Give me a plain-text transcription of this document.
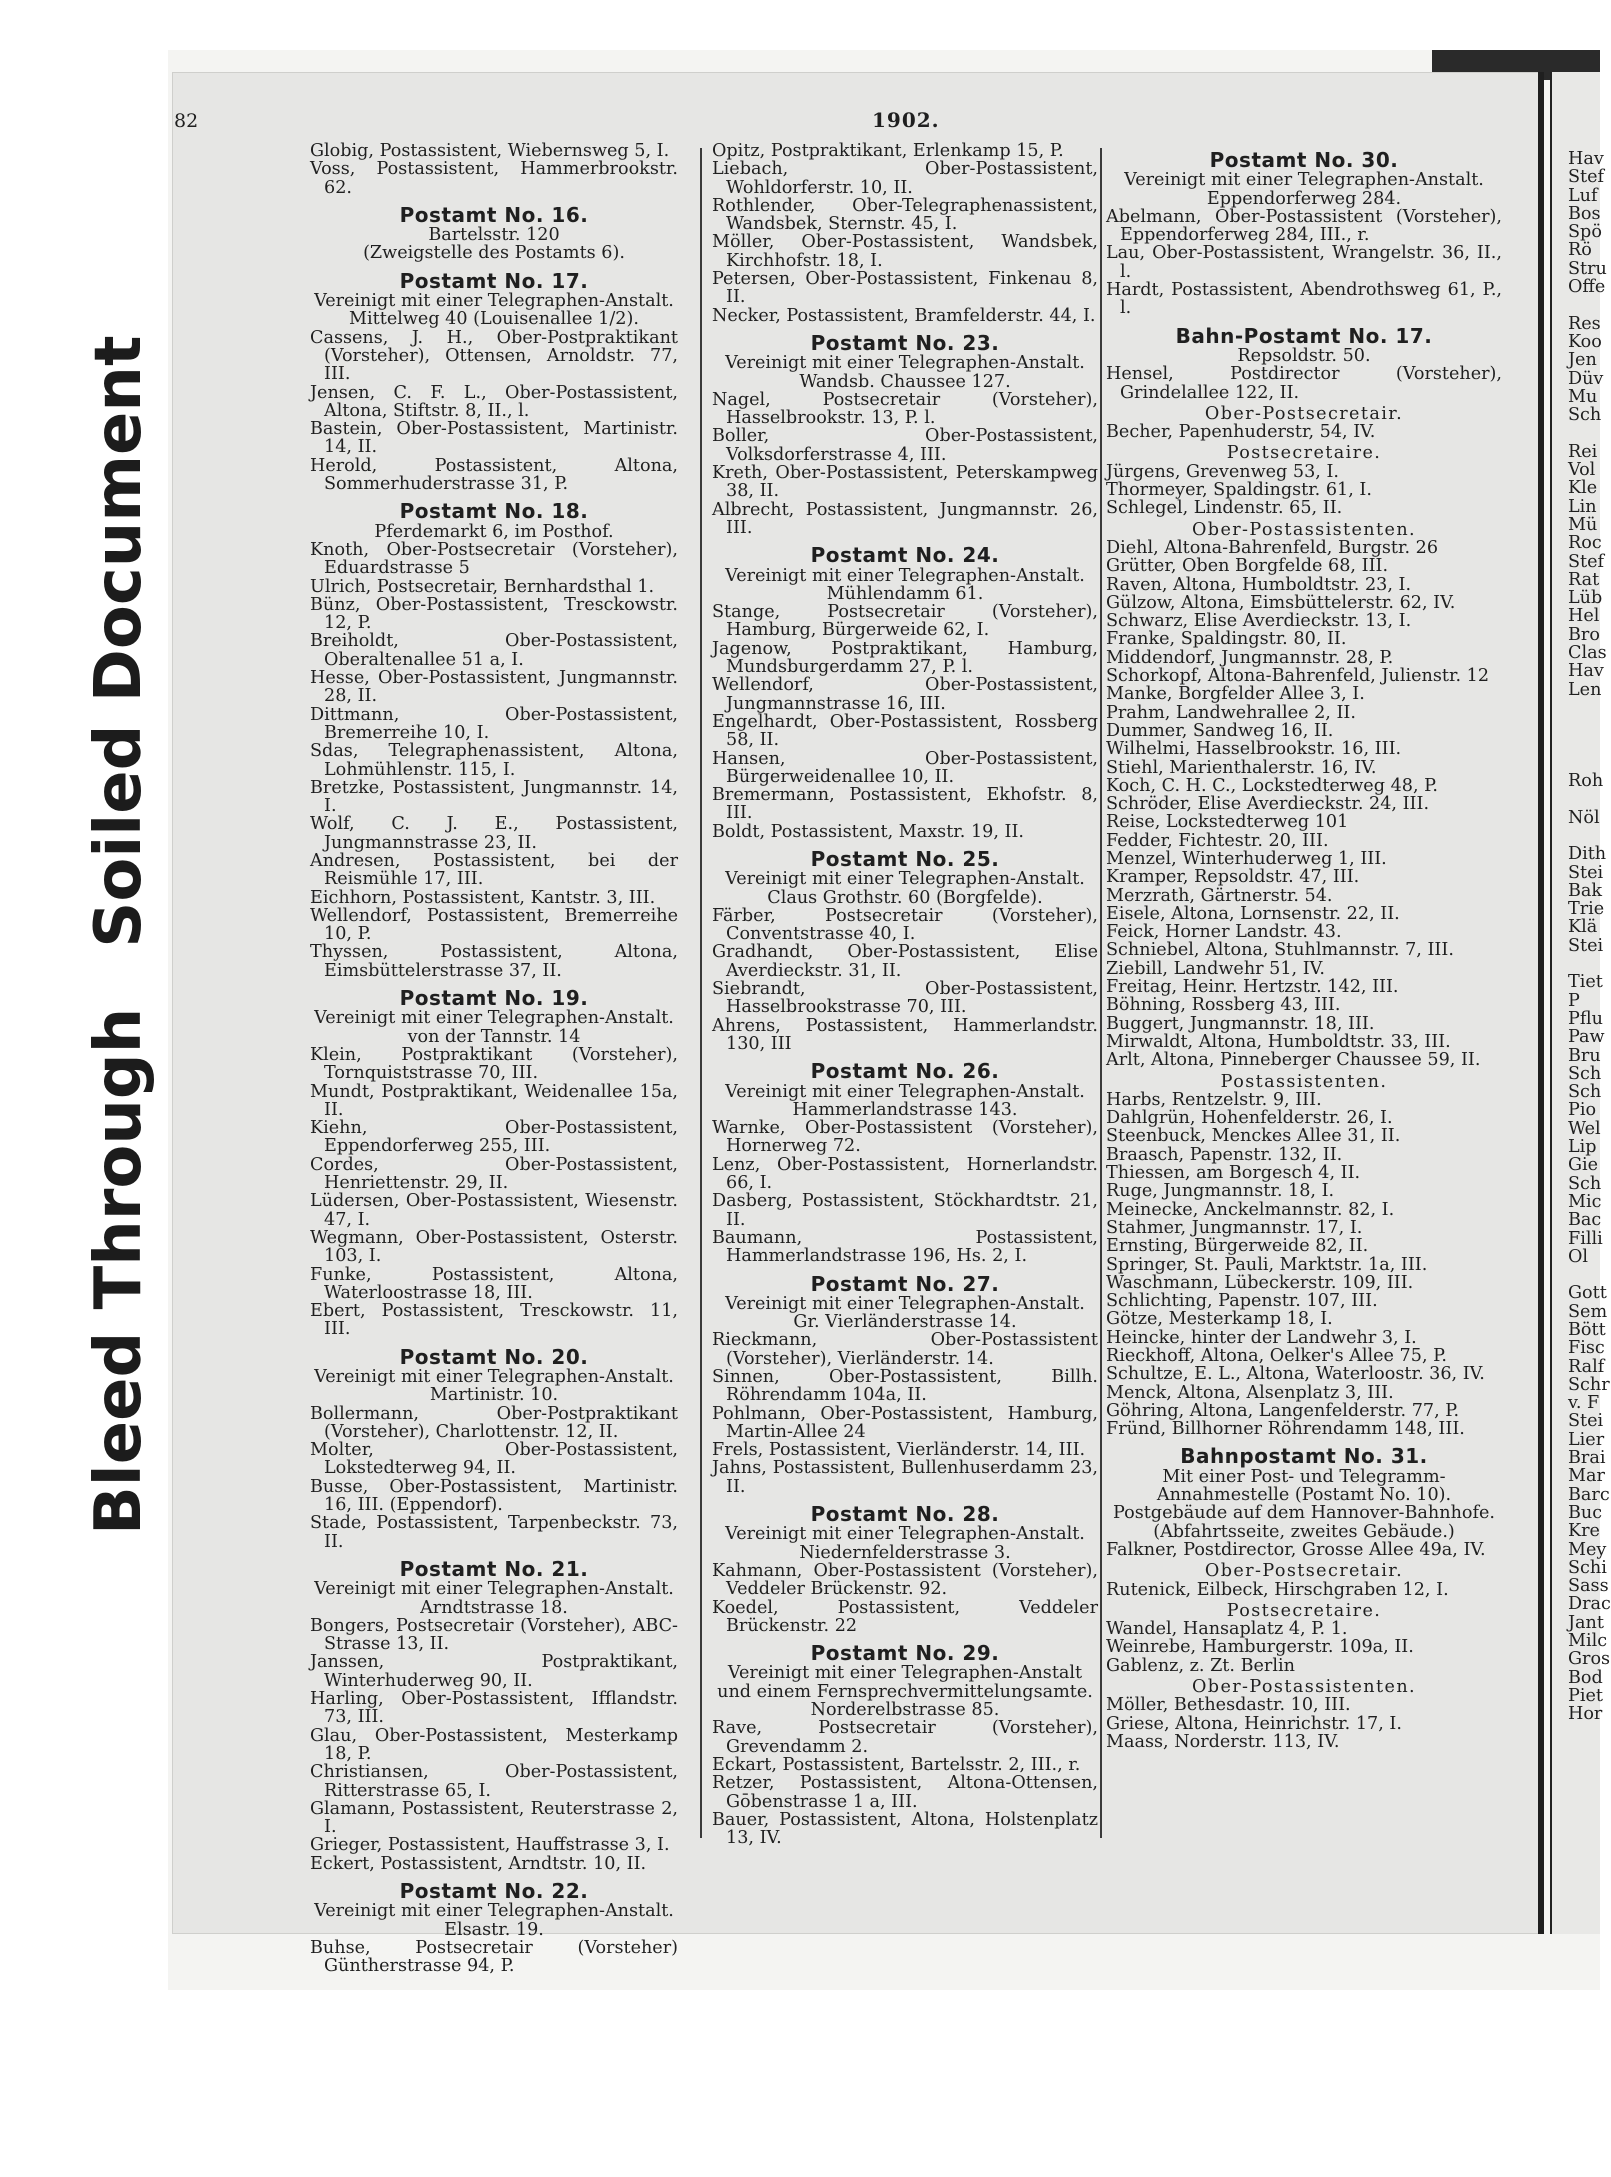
Bleed ThroughSoiled Document
82	1902.
Globig, Postassistent, Wiebernsweg 5, I.
Voss, Postassistent, Hammerbrookstr. 62.
Postamt No. 16.
Bartelsstr. 120
(Zweigstelle des Postamts 6).
Postamt No. 17.
Vereinigt mit einer Telegraphen-Anstalt.
Mittelweg 40 (Louisenallee 1/2).
Cassens, J. H., Ober-Postpraktikant (Vorsteher), Ottensen, Arnoldstr. 77, III.
Jensen, C. F. L., Ober-Postassistent, Altona, Stiftstr. 8, II., l.
Bastein, Ober-Postassistent, Martinistr. 14, II.
Herold, Postassistent, Altona, Sommerhuderstrasse 31, P.
Postamt No. 18.
Pferdemarkt 6, im Posthof.
Knoth, Ober-Postsecretair (Vorsteher), Eduardstrasse 5
Ulrich, Postsecretair, Bernhardsthal 1.
Bünz, Ober-Postassistent, Tresckowstr. 12, P.
Breiholdt, Ober-Postassistent, Oberaltenallee 51 a, I.
Hesse, Ober-Postassistent, Jungmannstr. 28, II.
Dittmann, Ober-Postassistent, Bremerreihe 10, I.
Sdas, Telegraphenassistent, Altona, Lohmühlenstr. 115, I.
Bretzke, Postassistent, Jungmannstr. 14, I.
Wolf, C. J. E., Postassistent, Jungmannstrasse 23, II.
Andresen, Postassistent, bei der Reismühle 17, III.
Eichhorn, Postassistent, Kantstr. 3, III.
Wellendorf, Postassistent, Bremerreihe 10, P.
Thyssen, Postassistent, Altona, Eimsbüttelerstrasse 37, II.
Postamt No. 19.
Vereinigt mit einer Telegraphen-Anstalt.
von der Tannstr. 14
Klein, Postpraktikant (Vorsteher), Tornquiststrasse 70, III.
Mundt, Postpraktikant, Weidenallee 15a, II.
Kiehn, Ober-Postassistent, Eppendorferweg 255, III.
Cordes, Ober-Postassistent, Henriettenstr. 29, II.
Lüdersen, Ober-Postassistent, Wiesenstr. 47, I.
Wegmann, Ober-Postassistent, Osterstr. 103, I.
Funke, Postassistent, Altona, Waterloostrasse 18, III.
Ebert, Postassistent, Tresckowstr. 11, III.
Postamt No. 20.
Vereinigt mit einer Telegraphen-Anstalt.
Martinistr. 10.
Bollermann, Ober-Postpraktikant (Vorsteher), Charlottenstr. 12, II.
Molter, Ober-Postassistent, Lokstedterweg 94, II.
Busse, Ober-Postassistent, Martinistr. 16, III. (Eppendorf).
Stade, Postassistent, Tarpenbeckstr. 73, II.
Postamt No. 21.
Vereinigt mit einer Telegraphen-Anstalt.
Arndtstrasse 18.
Bongers, Postsecretair (Vorsteher), ABC-Strasse 13, II.
Janssen, Postpraktikant, Winterhuderweg 90, II.
Harling, Ober-Postassistent, Ifflandstr. 73, III.
Glau, Ober-Postassistent, Mesterkamp 18, P.
Christiansen, Ober-Postassistent, Ritterstrasse 65, I.
Glamann, Postassistent, Reuterstrasse 2, I.
Grieger, Postassistent, Hauffstrasse 3, I.
Eckert, Postassistent, Arndtstr. 10, II.
Postamt No. 22.
Vereinigt mit einer Telegraphen-Anstalt.
Elsastr. 19.
Buhse, Postsecretair (Vorsteher) Güntherstrasse 94, P.
Opitz, Postpraktikant, Erlenkamp 15, P.
Liebach, Ober-Postassistent, Wohldorferstr. 10, II.
Rothlender, Ober-Telegraphenassistent, Wandsbek, Sternstr. 45, I.
Möller, Ober-Postassistent, Wandsbek, Kirchhofstr. 18, I.
Petersen, Ober-Postassistent, Finkenau 8, II.
Necker, Postassistent, Bramfelderstr. 44, I.
Postamt No. 23.
Vereinigt mit einer Telegraphen-Anstalt.
Wandsb. Chaussee 127.
Nagel, Postsecretair (Vorsteher), Hasselbrookstr. 13, P. l.
Boller, Ober-Postassistent, Volksdorferstrasse 4, III.
Kreth, Ober-Postassistent, Peterskampweg 38, II.
Albrecht, Postassistent, Jungmannstr. 26, III.
Postamt No. 24.
Vereinigt mit einer Telegraphen-Anstalt.
Mühlendamm 61.
Stange, Postsecretair (Vorsteher), Hamburg, Bürgerweide 62, I.
Jagenow, Postpraktikant, Hamburg, Mundsburgerdamm 27, P. l.
Wellendorf, Ober-Postassistent, Jungmannstrasse 16, III.
Engelhardt, Ober-Postassistent, Rossberg 58, II.
Hansen, Ober-Postassistent, Bürgerweidenallee 10, II.
Bremermann, Postassistent, Ekhofstr. 8, III.
Boldt, Postassistent, Maxstr. 19, II.
Postamt No. 25.
Vereinigt mit einer Telegraphen-Anstalt.
Claus Grothstr. 60 (Borgfelde).
Färber, Postsecretair (Vorsteher), Conventstrasse 40, I.
Gradhandt, Ober-Postassistent, Elise Averdieckstr. 31, II.
Siebrandt, Ober-Postassistent, Hasselbrookstrasse 70, III.
Ahrens, Postassistent, Hammerlandstr. 130, III
Postamt No. 26.
Vereinigt mit einer Telegraphen-Anstalt.
Hammerlandstrasse 143.
Warnke, Ober-Postassistent (Vorsteher), Hornerweg 72.
Lenz, Ober-Postassistent, Hornerlandstr. 66, I.
Dasberg, Postassistent, Stöckhardtstr. 21, II.
Baumann, Postassistent, Hammerlandstrasse 196, Hs. 2, I.
Postamt No. 27.
Vereinigt mit einer Telegraphen-Anstalt.
Gr. Vierländerstrasse 14.
Rieckmann, Ober-Postassistent (Vorsteher), Vierländerstr. 14.
Sinnen, Ober-Postassistent, Billh. Röhrendamm 104a, II.
Pohlmann, Ober-Postassistent, Hamburg, Martin-Allee 24
Frels, Postassistent, Vierländerstr. 14, III.
Jahns, Postassistent, Bullenhuserdamm 23, II.
Postamt No. 28.
Vereinigt mit einer Telegraphen-Anstalt.
Niedernfelderstrasse 3.
Kahmann, Ober-Postassistent (Vorsteher), Veddeler Brückenstr. 92.
Koedel, Postassistent, Veddeler Brückenstr. 22
Postamt No. 29.
Vereinigt mit einer Telegraphen-Anstalt und einem Fernsprechvermittelungsamte.
Norderelbstrasse 85.
Rave, Postsecretair (Vorsteher), Grevendamm 2.
Eckart, Postassistent, Bartelsstr. 2, III., r.
Retzer, Postassistent, Altona-Ottensen, Gōbenstrasse 1 a, III.
Bauer, Postassistent, Altona, Holstenplatz 13, IV.
Postamt No. 30.
Vereinigt mit einer Telegraphen-Anstalt.
Eppendorferweg 284.
Abelmann, Ober-Postassistent (Vorsteher), Eppendorferweg 284, III., r.
Lau, Ober-Postassistent, Wrangelstr. 36, II., l.
Hardt, Postassistent, Abendrothsweg 61, P., l.
Bahn-Postamt No. 17.
Repsoldstr. 50.
Hensel, Postdirector (Vorsteher), Grindelallee 122, II.
Ober-Postsecretair.
Becher, Papenhuderstr, 54, IV.
Postsecretaire.
Jürgens, Grevenweg 53, I.
Thormeyer, Spaldingstr. 61, I.
Schlegel, Lindenstr. 65, II.
Ober-Postassistenten.
Diehl, Altona-Bahrenfeld, Burgstr. 26
Grütter, Oben Borgfelde 68, III.
Raven, Altona, Humboldtstr. 23, I.
Gülzow, Altona, Eimsbüttelerstr. 62, IV.
Schwarz, Elise Averdieckstr. 13, I.
Franke, Spaldingstr. 80, II.
Middendorf, Jungmannstr. 28, P.
Schorkopf, Altona-Bahrenfeld, Julienstr. 12
Manke, Borgfelder Allee 3, I.
Prahm, Landwehrallee 2, II.
Dummer, Sandweg 16, II.
Wilhelmi, Hasselbrookstr. 16, III.
Stiehl, Marienthalerstr. 16, IV.
Koch, C. H. C., Lockstedterweg 48, P.
Schröder, Elise Averdieckstr. 24, III.
Reise, Lockstedterweg 101
Fedder, Fichtestr. 20, III.
Menzel, Winterhuderweg 1, III.
Kramper, Repsoldstr. 47, III.
Merzrath, Gärtnerstr. 54.
Eisele, Altona, Lornsenstr. 22, II.
Feick, Horner Landstr. 43.
Schniebel, Altona, Stuhlmannstr. 7, III.
Ziebill, Landwehr 51, IV.
Freitag, Heinr. Hertzstr. 142, III.
Böhning, Rossberg 43, III.
Buggert, Jungmannstr. 18, III.
Mirwaldt, Altona, Humboldtstr. 33, III.
Arlt, Altona, Pinneberger Chaussee 59, II.
Postassistenten.
Harbs, Rentzelstr. 9, III.
Dahlgrün, Hohenfelderstr. 26, I.
Steenbuck, Menckes Allee 31, II.
Braasch, Papenstr. 132, II.
Thiessen, am Borgesch 4, II.
Ruge, Jungmannstr. 18, I.
Meinecke, Anckelmannstr. 82, I.
Stahmer, Jungmannstr. 17, I.
Ernsting, Bürgerweide 82, II.
Springer, St. Pauli, Marktstr. 1a, III.
Waschmann, Lübeckerstr. 109, III.
Schlichting, Papenstr. 107, III.
Götze, Mesterkamp 18, I.
Heincke, hinter der Landwehr 3, I.
Rieckhoff, Altona, Oelker's Allee 75, P.
Schultze, E. L., Altona, Waterloostr. 36, IV.
Menck, Altona, Alsenplatz 3, III.
Göhring, Altona, Langenfelderstr. 77, P.
Fründ, Billhorner Röhrendamm 148, III.
Bahnpostamt No. 31.
Mit einer Post- und Telegramm-Annahmestelle (Postamt No. 10).
Postgebäude auf dem Hannover-Bahnhofe. (Abfahrtsseite, zweites Gebäude.)
Falkner, Postdirector, Grosse Allee 49a, IV.
Ober-Postsecretair.
Rutenick, Eilbeck, Hirschgraben 12, I.
Postsecretaire.
Wandel, Hansaplatz 4, P. 1.
Weinrebe, Hamburgerstr. 109a, II.
Gablenz, z. Zt. Berlin
Ober-Postassistenten.
Möller, Bethesdastr. 10, III.
Griese, Altona, Heinrichstr. 17, I.
Maass, Norderstr. 113, IV.
Hav
Stef
Luf
Bos
Spö
Rö
Stru
Offe

Res
Koo
Jen
Düv
Mu
Sch

Rei
Vol
Kle
Lin
Mü
Roc
Stef
Rat
Lüb
Hel
Bro
Clas
Hav
Len

Roh

Nöl

Dith
Stei
Bak
Trie
Klä
Stei

Tiet
P
Pflu
Paw
Bru
Sch
Sch
Pio
Wel
Lip
Gie
Sch
Mic
Bac
Filli
Ol

Gott
Sem
Bött
Fisc
Ralf
Schr
v. F
Stei
Lier
Brai
Mar
Barc
Buc
Kre
Mey
Schi
Sass
Drac
Jant
Milc
Gros
Bod
Piet
Hor
